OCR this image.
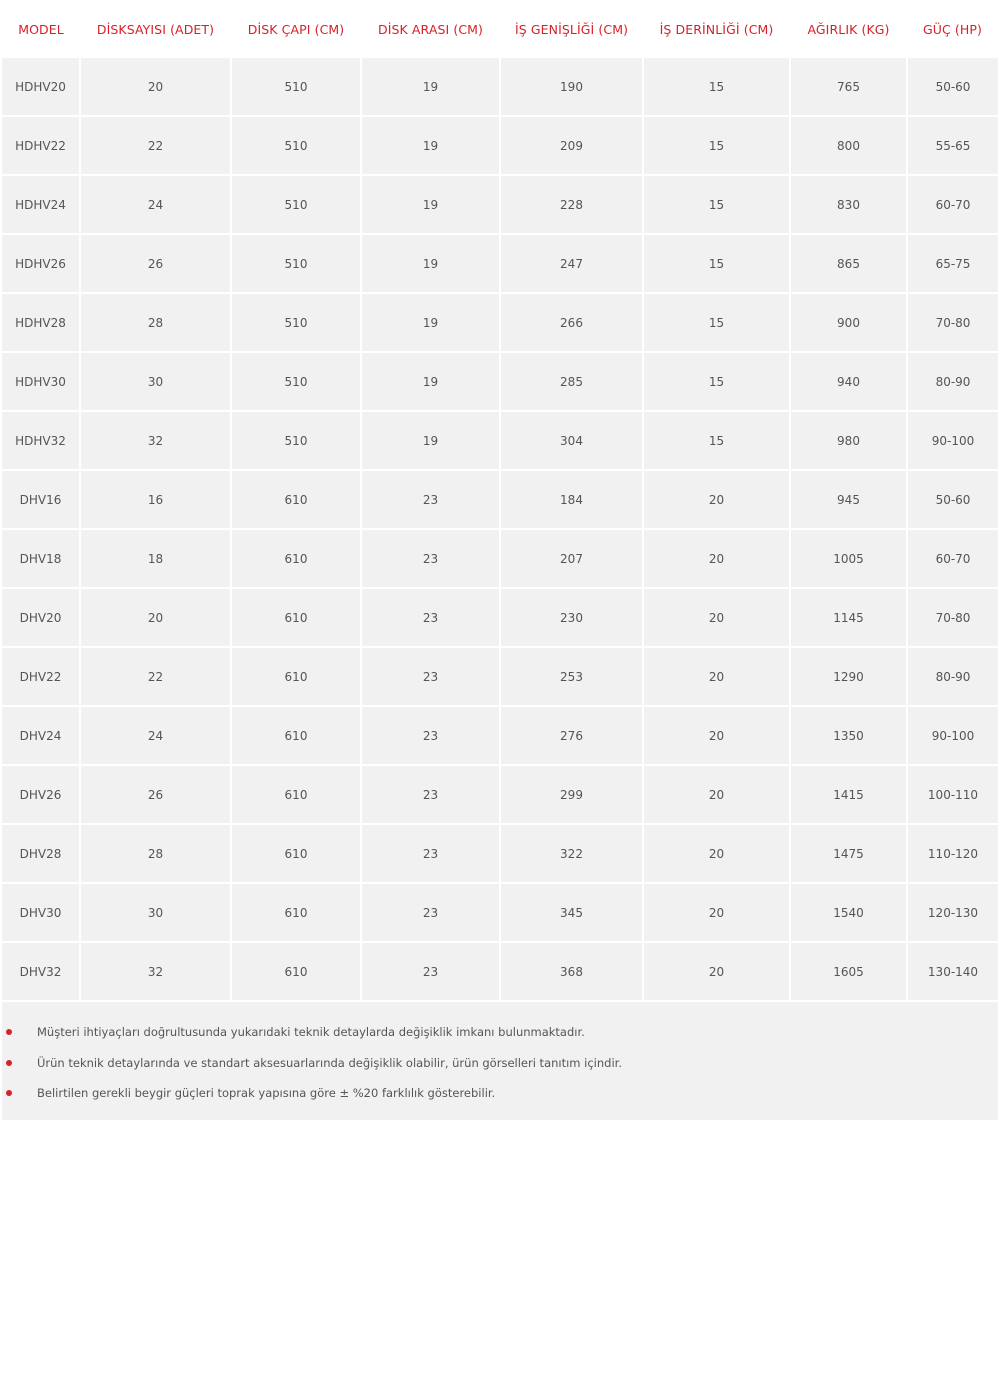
MODEL	DİSKSAYISI (ADET)	DİSK ÇAPI (CM)	DİSK ARASI (CM)	İŞ GENİŞLİĞİ (CM)	İŞ DERİNLİĞİ (CM)	AĞIRLIK (KG)	GÜÇ (HP)
HDHV20	20	510	19	190	15	765	50-60
HDHV22	22	510	19	209	15	800	55-65
HDHV24	24	510	19	228	15	830	60-70
HDHV26	26	510	19	247	15	865	65-75
HDHV28	28	510	19	266	15	900	70-80
HDHV30	30	510	19	285	15	940	80-90
HDHV32	32	510	19	304	15	980	90-100
DHV16	16	610	23	184	20	945	50-60
DHV18	18	610	23	207	20	1005	60-70
DHV20	20	610	23	230	20	1145	70-80
DHV22	22	610	23	253	20	1290	80-90
DHV24	24	610	23	276	20	1350	90-100
DHV26	26	610	23	299	20	1415	100-110
DHV28	28	610	23	322	20	1475	110-120
DHV30	30	610	23	345	20	1540	120-130
DHV32	32	610	23	368	20	1605	130-140
Müşteri ihtiyaçları doğrultusunda yukarıdaki teknik detaylarda değişiklik imkanı bulunmaktadır.
Ürün teknik detaylarında ve standart aksesuarlarında değişiklik olabilir, ürün görselleri tanıtım içindir.
Belirtilen gerekli beygir güçleri toprak yapısına göre ± %20 farklılık gösterebilir.
